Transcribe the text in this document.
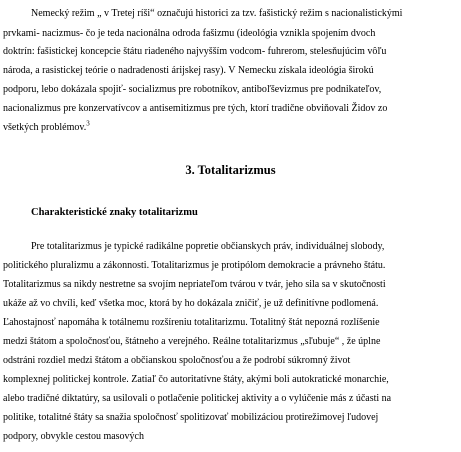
Nemecký režim „ v Tretej ríši“ označujú historici za tzv. fašistický režim s nacionalistickými
prvkami- nacizmus- čo je teda nacionálna odroda fašizmu (ideológia vznikla spojením dvoch
doktrín: fašistickej koncepcie štátu riadeného najvyšším vodcom- fuhrerom, stelesňujúcim vôľu
národa, a rasistickej teórie o nadradenosti árijskej rasy). V Nemecku získala ideológia širokú
podporu, lebo dokázala spojiť- socializmus pre robotníkov, antiboľševizmus pre podnikateľov,
nacionalizmus pre konzervatívcov a antisemitizmus pre tých, ktorí tradične obviňovali Židov zo
všetkých problémov.$^3$
3. Totalitarizmus
Charakteristické znaky totalitarizmu
Pre totalitarizmus je typické radikálne popretie občianskych práv, individuálnej slobody,
politického pluralizmu a zákonnosti. Totalitarizmus je protipólom demokracie a právneho štátu.
Totalitarizmus sa nikdy nestretne sa svojím nepriateľom tvárou v tvár, jeho sila sa v skutočnosti
ukáže až vo chvíli, keď všetka moc, ktorá by ho dokázala zničiť, je už definitívne podlomená.
Ľahostajnosť napomáha k totálnemu rozšíreniu totalitarizmu. Totalitný štát nepozná rozlíšenie
medzi štátom a spoločnosťou, štátneho a verejného. Reálne totalitarizmus „sľubuje“ , že úplne
odstráni rozdiel medzi štátom a občianskou spoločnosťou a že podrobí súkromný život
komplexnej politickej kontrole. Zatiaľ čo autoritatívne štáty, akými boli autokratické monarchie,
alebo tradičné diktatúry, sa usilovali o potlačenie politickej aktivity a o vylúčenie más z účasti na
politike, totalitné štáty sa snažia spoločnosť spolitizovať mobilizáciou protirežimovej ľudovej
podpory, obvykle cestou masových
